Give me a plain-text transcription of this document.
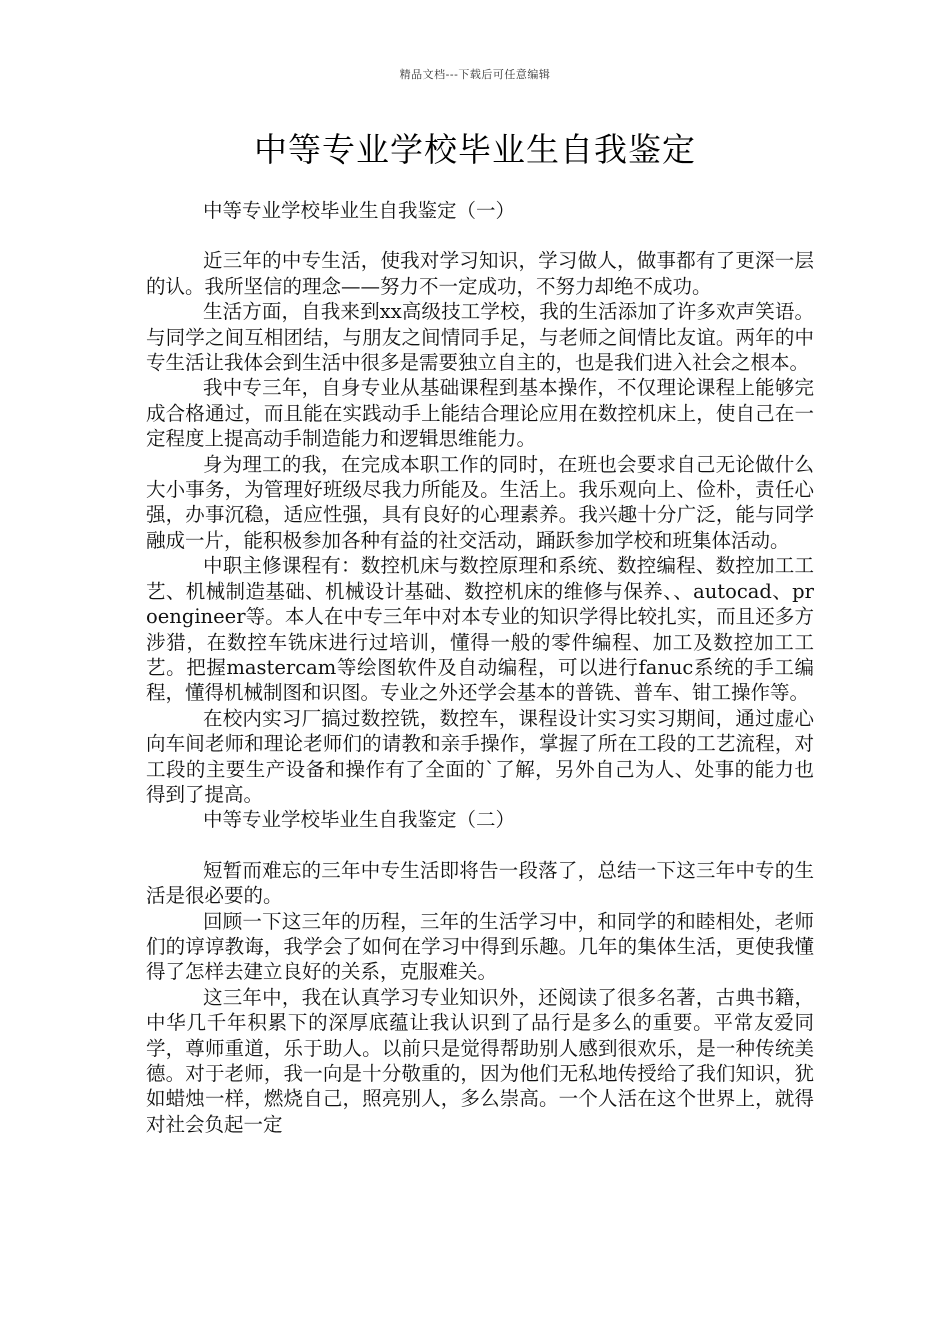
精品文档---下载后可任意编辑
中等专业学校毕业生自我鉴定
中等专业学校毕业生自我鉴定（一）

近三年的中专生活，使我对学习知识，学习做人，做事都有了更深一层的认。我所坚信的理念——努力不一定成功，不努力却绝不成功。

生活方面，自我来到xx高级技工学校，我的生活添加了许多欢声笑语。与同学之间互相团结，与朋友之间情同手足，与老师之间情比友谊。两年的中专生活让我体会到生活中很多是需要独立自主的，也是我们进入社会之根本。

我中专三年，自身专业从基础课程到基本操作，不仅理论课程上能够完成合格通过，而且能在实践动手上能结合理论应用在数控机床上，使自己在一定程度上提高动手制造能力和逻辑思维能力。

身为理工的我，在完成本职工作的同时，在班也会要求自己无论做什么大小事务，为管理好班级尽我力所能及。生活上。我乐观向上、俭朴，责任心强，办事沉稳，适应性强，具有良好的心理素养。我兴趣十分广泛，能与同学融成一片，能积极参加各种有益的社交活动，踊跃参加学校和班集体活动。

中职主修课程有：数控机床与数控原理和系统、数控编程、数控加工工艺、机械制造基础、机械设计基础、数控机床的维修与保养、、autocad、proengineer等。本人在中专三年中对本专业的知识学得比较扎实，而且还多方涉猎，在数控车铣床进行过培训，懂得一般的零件编程、加工及数控加工工艺。把握mastercam等绘图软件及自动编程，可以进行fanuc系统的手工编程，懂得机械制图和识图。专业之外还学会基本的普铣、普车、钳工操作等。

在校内实习厂搞过数控铣，数控车，课程设计实习实习期间，通过虚心向车间老师和理论老师们的请教和亲手操作，掌握了所在工段的工艺流程，对工段的主要生产设备和操作有了全面的`了解，另外自己为人、处事的能力也得到了提高。

中等专业学校毕业生自我鉴定（二）

短暂而难忘的三年中专生活即将告一段落了，总结一下这三年中专的生活是很必要的。

回顾一下这三年的历程，三年的生活学习中，和同学的和睦相处，老师们的谆谆教诲，我学会了如何在学习中得到乐趣。几年的集体生活，更使我懂得了怎样去建立良好的关系，克服难关。

这三年中，我在认真学习专业知识外，还阅读了很多名著，古典书籍，中华几千年积累下的深厚底蕴让我认识到了品行是多么的重要。平常友爱同学，尊师重道，乐于助人。以前只是觉得帮助别人感到很欢乐，是一种传统美德。对于老师，我一向是十分敬重的，因为他们无私地传授给了我们知识，犹如蜡烛一样，燃烧自己，照亮别人，多么崇高。一个人活在这个世界上，就得对社会负起一定
